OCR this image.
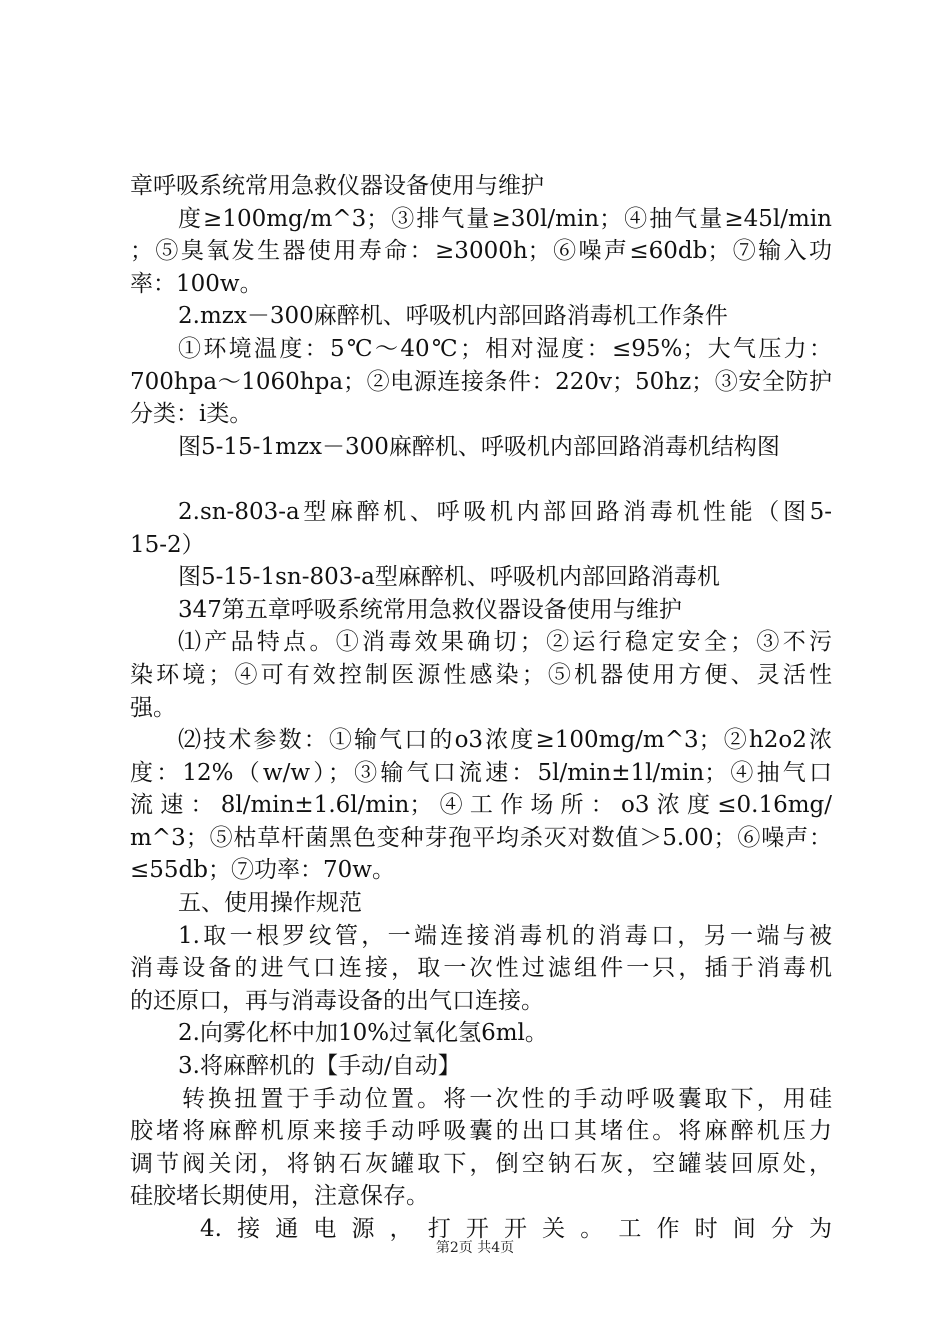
章呼吸系统常用急救仪器设备使用与维护
度≥100mg/m^3；③排气量≥30l/min；④抽气量≥45l/min
；⑤臭氧发生器使用寿命：≥3000h；⑥噪声≤60db；⑦输入功
率：100w。
2.mzx－300麻醉机、呼吸机内部回路消毒机工作条件
①环境温度：5℃～40℃；相对湿度：≤95%；大气压力：
700hpa～1060hpa；②电源连接条件：220v；50hz；③安全防护
分类：i类。
图5-15-1mzx－300麻醉机、呼吸机内部回路消毒机结构图
2.sn-803-a型麻醉机、呼吸机内部回路消毒机性能（图5-
15-2）
图5-15-1sn-803-a型麻醉机、呼吸机内部回路消毒机
347第五章呼吸系统常用急救仪器设备使用与维护
⑴产品特点。①消毒效果确切；②运行稳定安全；③不污
染环境；④可有效控制医源性感染；⑤机器使用方便、灵活性
强。
⑵技术参数：①输气口的o3浓度≥100mg/m^3；②h2o2浓
度：12%（w/w）；③输气口流速：5l/min±1l/min；④抽气口
流速：8l/min±1.6l/min；④工作场所：o3浓度≤0.16mg/
m^3；⑤枯草杆菌黑色变种芽孢平均杀灭对数值＞5.00；⑥噪声：
≤55db；⑦功率：70w。
五、使用操作规范
1.取一根罗纹管，一端连接消毒机的消毒口，另一端与被
消毒设备的进气口连接，取一次性过滤组件一只，插于消毒机
的还原口，再与消毒设备的出气口连接。
2.向雾化杯中加10%过氧化氢6ml。
3.将麻醉机的【手动/自动】
转换扭置于手动位置。将一次性的手动呼吸囊取下，用硅
胶堵将麻醉机原来接手动呼吸囊的出口其堵住。将麻醉机压力
调节阀关闭，将钠石灰罐取下，倒空钠石灰，空罐装回原处，
硅胶堵长期使用，注意保存。
4.接通电源，打开开关。工作时间分为
第2页 共4页
